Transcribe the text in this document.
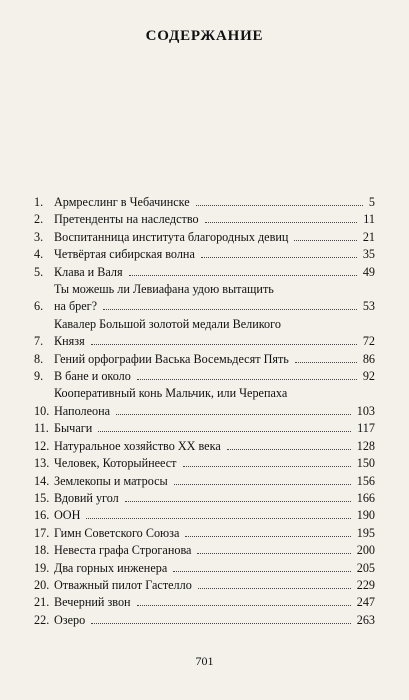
СОДЕРЖАНИЕ
1. Армреслинг в Чебачинске	5
2. Претенденты на наследство	11
3. Воспитанница института благородных девиц	21
4. Четвёртая сибирская волна	35
5. Клава и Валя	49
6.
Ты можешь ли Левиафана удою вытащить
на брег?	53
7.
Кавалер Большой золотой медали Великого
Князя	72
8. Гений орфографии Васька Восемьдесят Пять	86
9. В бане и около	92
10.
Кооперативный конь Мальчик, или Черепаха
Наполеона	103
11. Бычаги	117
12. Натуральное хозяйство XX века	128
13. Человек, Которыйнеест	150
14. Землекопы и матросы	156
15. Вдовий угол	166
16. ООН	190
17. Гимн Советского Союза	195
18. Невеста графа Строганова	200
19. Два горных инженера	205
20. Отважный пилот Гастелло	229
21. Вечерний звон	247
22. Озеро	263
701
